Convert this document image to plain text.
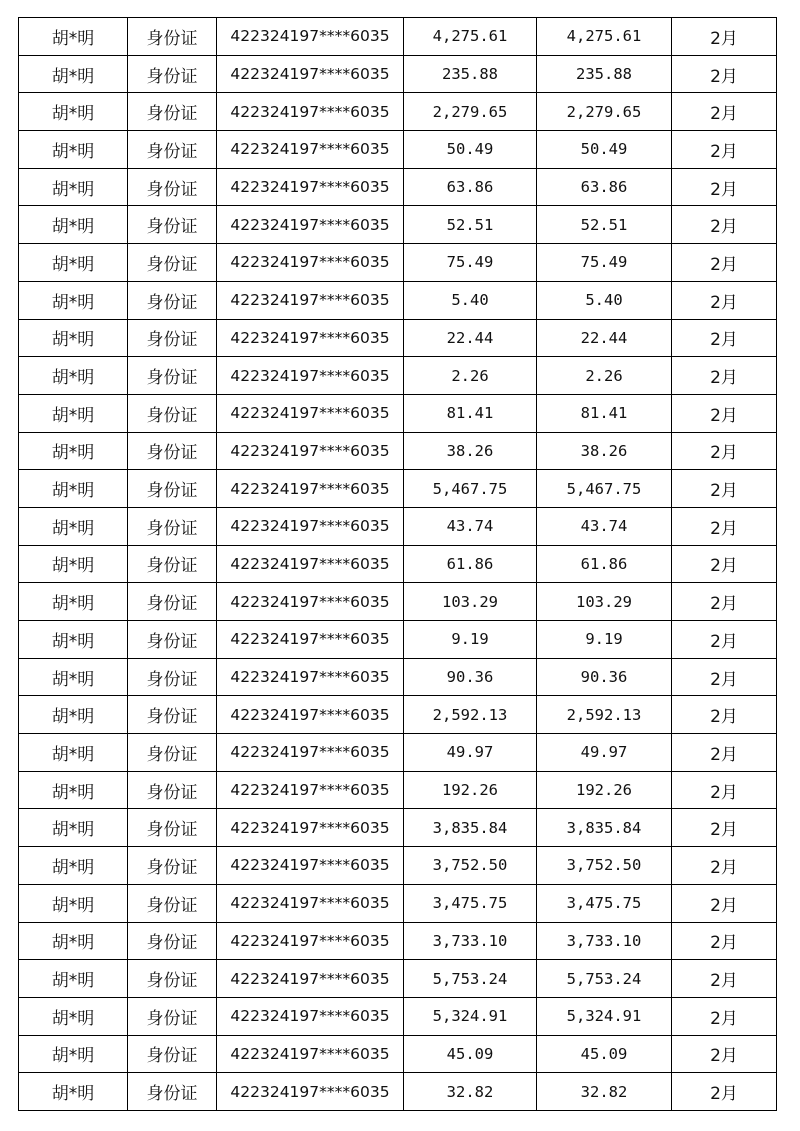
胡*明	身份证	422324197****6035	4,275.61	4,275.61	2月
胡*明	身份证	422324197****6035	235.88	235.88	2月
胡*明	身份证	422324197****6035	2,279.65	2,279.65	2月
胡*明	身份证	422324197****6035	50.49	50.49	2月
胡*明	身份证	422324197****6035	63.86	63.86	2月
胡*明	身份证	422324197****6035	52.51	52.51	2月
胡*明	身份证	422324197****6035	75.49	75.49	2月
胡*明	身份证	422324197****6035	5.40	5.40	2月
胡*明	身份证	422324197****6035	22.44	22.44	2月
胡*明	身份证	422324197****6035	2.26	2.26	2月
胡*明	身份证	422324197****6035	81.41	81.41	2月
胡*明	身份证	422324197****6035	38.26	38.26	2月
胡*明	身份证	422324197****6035	5,467.75	5,467.75	2月
胡*明	身份证	422324197****6035	43.74	43.74	2月
胡*明	身份证	422324197****6035	61.86	61.86	2月
胡*明	身份证	422324197****6035	103.29	103.29	2月
胡*明	身份证	422324197****6035	9.19	9.19	2月
胡*明	身份证	422324197****6035	90.36	90.36	2月
胡*明	身份证	422324197****6035	2,592.13	2,592.13	2月
胡*明	身份证	422324197****6035	49.97	49.97	2月
胡*明	身份证	422324197****6035	192.26	192.26	2月
胡*明	身份证	422324197****6035	3,835.84	3,835.84	2月
胡*明	身份证	422324197****6035	3,752.50	3,752.50	2月
胡*明	身份证	422324197****6035	3,475.75	3,475.75	2月
胡*明	身份证	422324197****6035	3,733.10	3,733.10	2月
胡*明	身份证	422324197****6035	5,753.24	5,753.24	2月
胡*明	身份证	422324197****6035	5,324.91	5,324.91	2月
胡*明	身份证	422324197****6035	45.09	45.09	2月
胡*明	身份证	422324197****6035	32.82	32.82	2月
